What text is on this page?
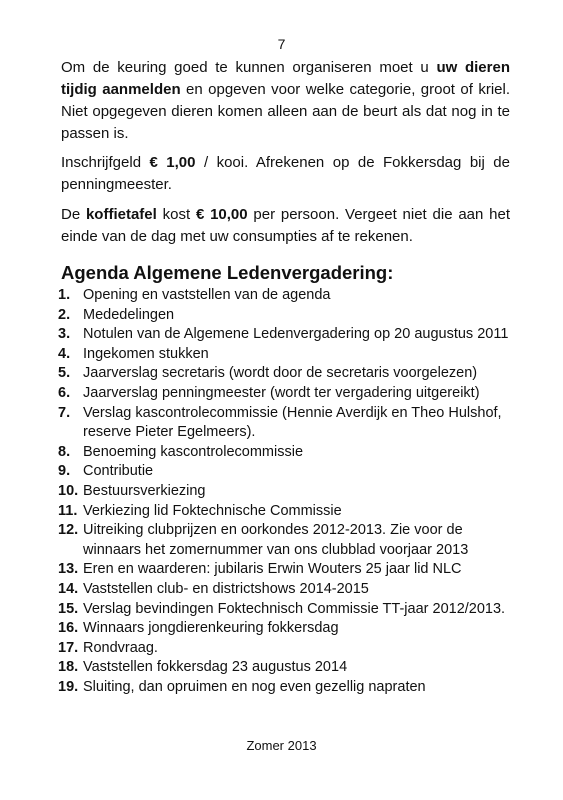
7

Om de keuring goed te kunnen organiseren moet u uw dieren tijdig aanmelden en opgeven voor welke categorie, groot of kriel. Niet opgegeven dieren komen alleen aan de beurt als dat nog in te passen is.

Inschrijfgeld € 1,00 / kooi. Afrekenen op de Fokkersdag bij de penningmeester.

De koffietafel kost € 10,00 per persoon. Vergeet niet die aan het einde van de dag met uw consumpties af te rekenen.

Agenda Algemene Ledenvergadering:
1. Opening en vaststellen van de agenda
2. Mededelingen
3. Notulen van de Algemene Ledenvergadering op 20 augustus 2011
4. Ingekomen stukken
5. Jaarverslag secretaris (wordt door de secretaris voorgelezen)
6. Jaarverslag penningmeester (wordt ter vergadering uitgereikt)
7. Verslag kascontrolecommissie (Hennie Averdijk en Theo Hulshof, reserve Pieter Egelmeers).
8. Benoeming kascontrolecommissie
9. Contributie
10. Bestuursverkiezing
11. Verkiezing lid Foktechnische Commissie
12. Uitreiking clubprijzen en oorkondes 2012-2013. Zie voor de winnaars het zomernummer van ons clubblad voorjaar 2013
13. Eren en waarderen: jubilaris Erwin Wouters 25 jaar lid NLC
14. Vaststellen club- en districtshows 2014-2015
15. Verslag bevindingen Foktechnisch Commissie TT-jaar 2012/2013.
16. Winnaars jongdierenkeuring fokkersdag
17. Rondvraag.
18. Vaststellen fokkersdag 23 augustus 2014
19. Sluiting, dan opruimen en nog even gezellig napraten
Zomer 2013
